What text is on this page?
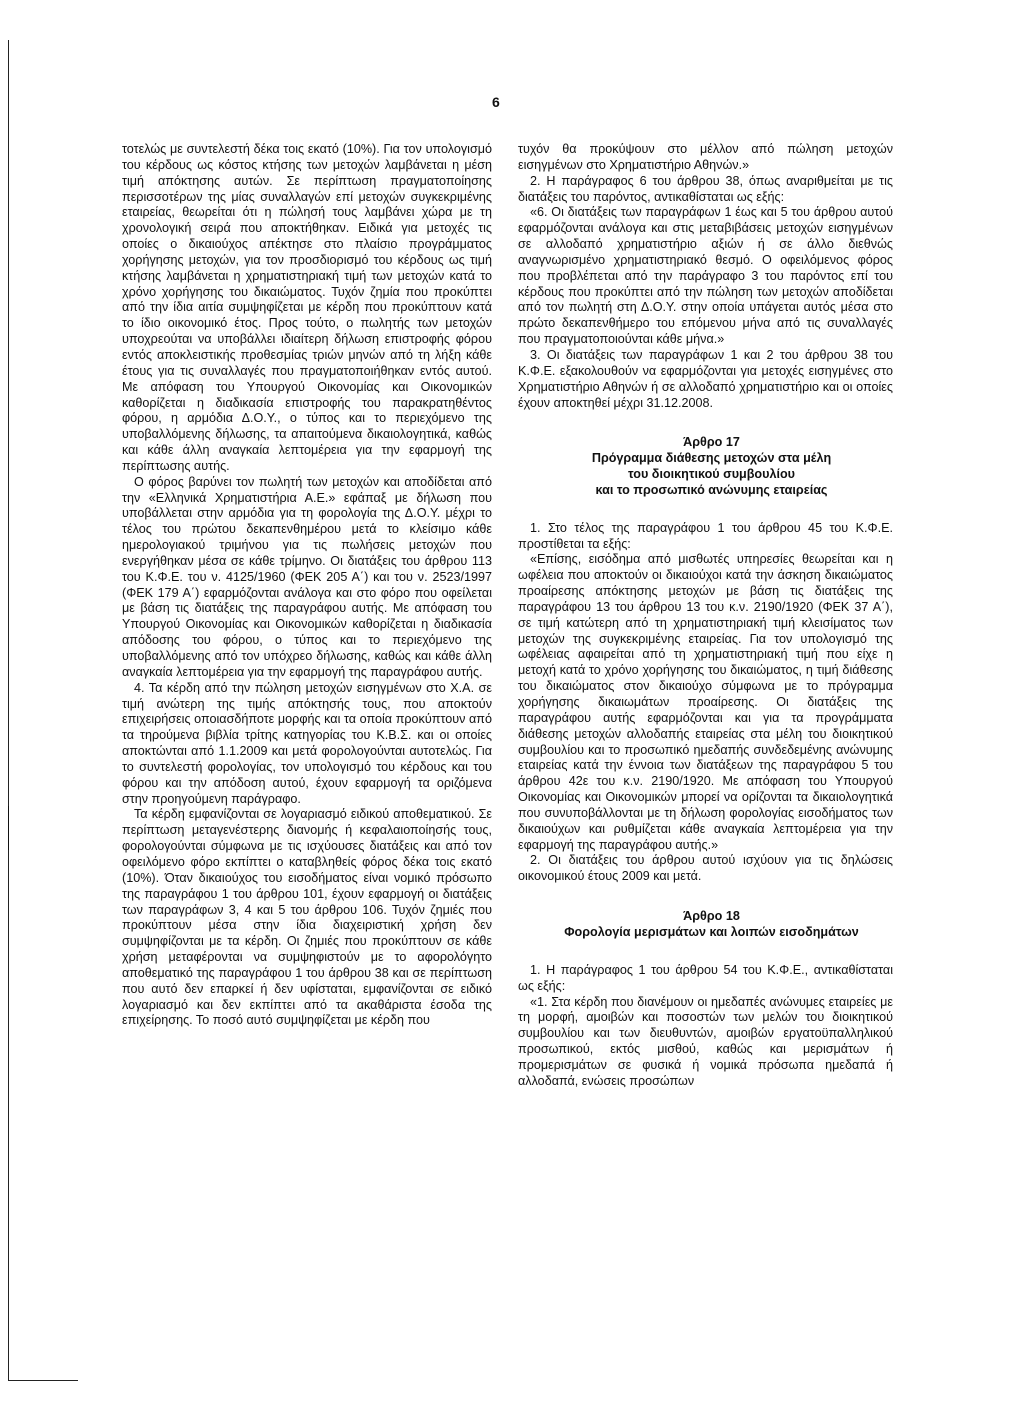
6

τοτελώς με συντελεστή δέκα τοις εκατό (10%). Για τον υπολογισμό του κέρδους ως κόστος κτήσης των μετοχών λαμβάνεται η μέση τιμή απόκτησης αυτών. Σε περίπτωση πραγματοποίησης περισσοτέρων της μίας συναλλαγών επί μετοχών συγκεκριμένης εταιρείας, θεωρείται ότι η πώλησή τους λαμβάνει χώρα με τη χρονολογική σειρά που αποκτήθηκαν. Ειδικά για μετοχές τις οποίες ο δικαιούχος απέκτησε στο πλαίσιο προγράμματος χορήγησης μετοχών, για τον προσδιορισμό του κέρδους ως τιμή κτήσης λαμβάνεται η χρηματιστηριακή τιμή των μετοχών κατά το χρόνο χορήγησης του δικαιώματος. Τυχόν ζημία που προκύπτει από την ίδια αιτία συμψηφίζεται με κέρδη που προκύπτουν κατά το ίδιο οικονομικό έτος. Προς τούτο, ο πωλητής των μετοχών υποχρεούται να υποβάλλει ιδιαίτερη δήλωση επιστροφής φόρου εντός αποκλειστικής προθεσμίας τριών μηνών από τη λήξη κάθε έτους για τις συναλλαγές που πραγματοποιήθηκαν εντός αυτού. Με απόφαση του Υπουργού Οικονομίας και Οικονομικών καθορίζεται η διαδικασία επιστροφής του παρακρατηθέντος φόρου, η αρμόδια Δ.Ο.Υ., ο τύπος και το περιεχόμενο της υποβαλλόμενης δήλωσης, τα απαιτούμενα δικαιολογητικά, καθώς και κάθε άλλη αναγκαία λεπτομέρεια για την εφαρμογή της περίπτωσης αυτής.

Ο φόρος βαρύνει τον πωλητή των μετοχών και αποδίδεται από την «Ελληνικά Χρηματιστήρια Α.Ε.» εφάπαξ με δήλωση που υποβάλλεται στην αρμόδια για τη φορολογία της Δ.Ο.Υ. μέχρι το τέλος του πρώτου δεκαπενθημέρου μετά το κλείσιμο κάθε ημερολογιακού τριμήνου για τις πωλήσεις μετοχών που ενεργήθηκαν μέσα σε κάθε τρίμηνο. Οι διατάξεις του άρθρου 113 του Κ.Φ.Ε. του ν. 4125/1960 (ΦΕΚ 205 Α΄) και του ν. 2523/1997 (ΦΕΚ 179 Α΄) εφαρμόζονται ανάλογα και στο φόρο που οφείλεται με βάση τις διατάξεις της παραγράφου αυτής. Με απόφαση του Υπουργού Οικονομίας και Οικονομικών καθορίζεται η διαδικασία απόδοσης του φόρου, ο τύπος και το περιεχόμενο της υποβαλλόμενης από τον υπόχρεο δήλωσης, καθώς και κάθε άλλη αναγκαία λεπτομέρεια για την εφαρμογή της παραγράφου αυτής.

4. Τα κέρδη από την πώληση μετοχών εισηγμένων στο Χ.Α. σε τιμή ανώτερη της τιμής απόκτησής τους, που αποκτούν επιχειρήσεις οποιασδήποτε μορφής και τα οποία προκύπτουν από τα τηρούμενα βιβλία τρίτης κατηγορίας του Κ.Β.Σ. και οι οποίες αποκτώνται από 1.1.2009 και μετά φορολογούνται αυτοτελώς. Για το συντελεστή φορολογίας, τον υπολογισμό του κέρδους και του φόρου και την απόδοση αυτού, έχουν εφαρμογή τα οριζόμενα στην προηγούμενη παράγραφο.

Τα κέρδη εμφανίζονται σε λογαριασμό ειδικού αποθεματικού. Σε περίπτωση μεταγενέστερης διανομής ή κεφαλαιοποίησής τους, φορολογούνται σύμφωνα με τις ισχύουσες διατάξεις και από τον οφειλόμενο φόρο εκπίπτει ο καταβληθείς φόρος δέκα τοις εκατό (10%). Όταν δικαιούχος του εισοδήματος είναι νομικό πρόσωπο της παραγράφου 1 του άρθρου 101, έχουν εφαρμογή οι διατάξεις των παραγράφων 3, 4 και 5 του άρθρου 106. Τυχόν ζημιές που προκύπτουν μέσα στην ίδια διαχειριστική χρήση δεν συμψηφίζονται με τα κέρδη. Οι ζημιές που προκύπτουν σε κάθε χρήση μεταφέρονται να συμψηφιστούν με το αφορολόγητο αποθεματικό της παραγράφου 1 του άρθρου 38 και σε περίπτωση που αυτό δεν επαρκεί ή δεν υφίσταται, εμφανίζονται σε ειδικό λογαριασμό και δεν εκπίπτει από τα ακαθάριστα έσοδα της επιχείρησης. Το ποσό αυτό συμψηφίζεται με κέρδη που

τυχόν θα προκύψουν στο μέλλον από πώληση μετοχών εισηγμένων στο Χρηματιστήριο Αθηνών.»

2. Η παράγραφος 6 του άρθρου 38, όπως αναριθμείται με τις διατάξεις του παρόντος, αντικαθίσταται ως εξής:

«6. Οι διατάξεις των παραγράφων 1 έως και 5 του άρθρου αυτού εφαρμόζονται ανάλογα και στις μεταβιβάσεις μετοχών εισηγμένων σε αλλοδαπό χρηματιστήριο αξιών ή σε άλλο διεθνώς αναγνωρισμένο χρηματιστηριακό θεσμό. Ο οφειλόμενος φόρος που προβλέπεται από την παράγραφο 3 του παρόντος επί του κέρδους που προκύπτει από την πώληση των μετοχών αποδίδεται από τον πωλητή στη Δ.Ο.Υ. στην οποία υπάγεται αυτός μέσα στο πρώτο δεκαπενθήμερο του επόμενου μήνα από τις συναλλαγές που πραγματοποιούνται κάθε μήνα.»

3. Οι διατάξεις των παραγράφων 1 και 2 του άρθρου 38 του Κ.Φ.Ε. εξακολουθούν να εφαρμόζονται για μετοχές εισηγμένες στο Χρηματιστήριο Αθηνών ή σε αλλοδαπό χρηματιστήριο και οι οποίες έχουν αποκτηθεί μέχρι 31.12.2008.

Άρθρο 17

Πρόγραμμα διάθεσης μετοχών στα μέλη

του διοικητικού συμβουλίου

και το προσωπικό ανώνυμης εταιρείας

1. Στο τέλος της παραγράφου 1 του άρθρου 45 του Κ.Φ.Ε. προστίθεται τα εξής:

«Επίσης, εισόδημα από μισθωτές υπηρεσίες θεωρείται και η ωφέλεια που αποκτούν οι δικαιούχοι κατά την άσκηση δικαιώματος προαίρεσης απόκτησης μετοχών με βάση τις διατάξεις της παραγράφου 13 του άρθρου 13 του κ.ν. 2190/1920 (ΦΕΚ 37 Α΄), σε τιμή κατώτερη από τη χρηματιστηριακή τιμή κλεισίματος των μετοχών της συγκεκριμένης εταιρείας. Για τον υπολογισμό της ωφέλειας αφαιρείται από τη χρηματιστηριακή τιμή που είχε η μετοχή κατά το χρόνο χορήγησης του δικαιώματος, η τιμή διάθεσης του δικαιώματος στον δικαιούχο σύμφωνα με το πρόγραμμα χορήγησης δικαιωμάτων προαίρεσης. Οι διατάξεις της παραγράφου αυτής εφαρμόζονται και για τα προγράμματα διάθεσης μετοχών αλλοδαπής εταιρείας στα μέλη του διοικητικού συμβουλίου και το προσωπικό ημεδαπής συνδεδεμένης ανώνυμης εταιρείας κατά την έννοια των διατάξεων της παραγράφου 5 του άρθρου 42ε του κ.ν. 2190/1920. Με απόφαση του Υπουργού Οικονομίας και Οικονομικών μπορεί να ορίζονται τα δικαιολογητικά που συνυποβάλλονται με τη δήλωση φορολογίας εισοδήματος των δικαιούχων και ρυθμίζεται κάθε αναγκαία λεπτομέρεια για την εφαρμογή της παραγράφου αυτής.»

2. Οι διατάξεις του άρθρου αυτού ισχύουν για τις δηλώσεις οικονομικού έτους 2009 και μετά.

Άρθρο 18

Φορολογία μερισμάτων και λοιπών εισοδημάτων

1. Η παράγραφος 1 του άρθρου 54 του Κ.Φ.Ε., αντικαθίσταται ως εξής:

«1. Στα κέρδη που διανέμουν οι ημεδαπές ανώνυμες εταιρείες με τη μορφή, αμοιβών και ποσοστών των μελών του διοικητικού συμβουλίου και των διευθυντών, αμοιβών εργατοϋπαλληλικού προσωπικού, εκτός μισθού, καθώς και μερισμάτων ή προμερισμάτων σε φυσικά ή νομικά πρόσωπα ημεδαπά ή αλλοδαπά, ενώσεις προσώπων
